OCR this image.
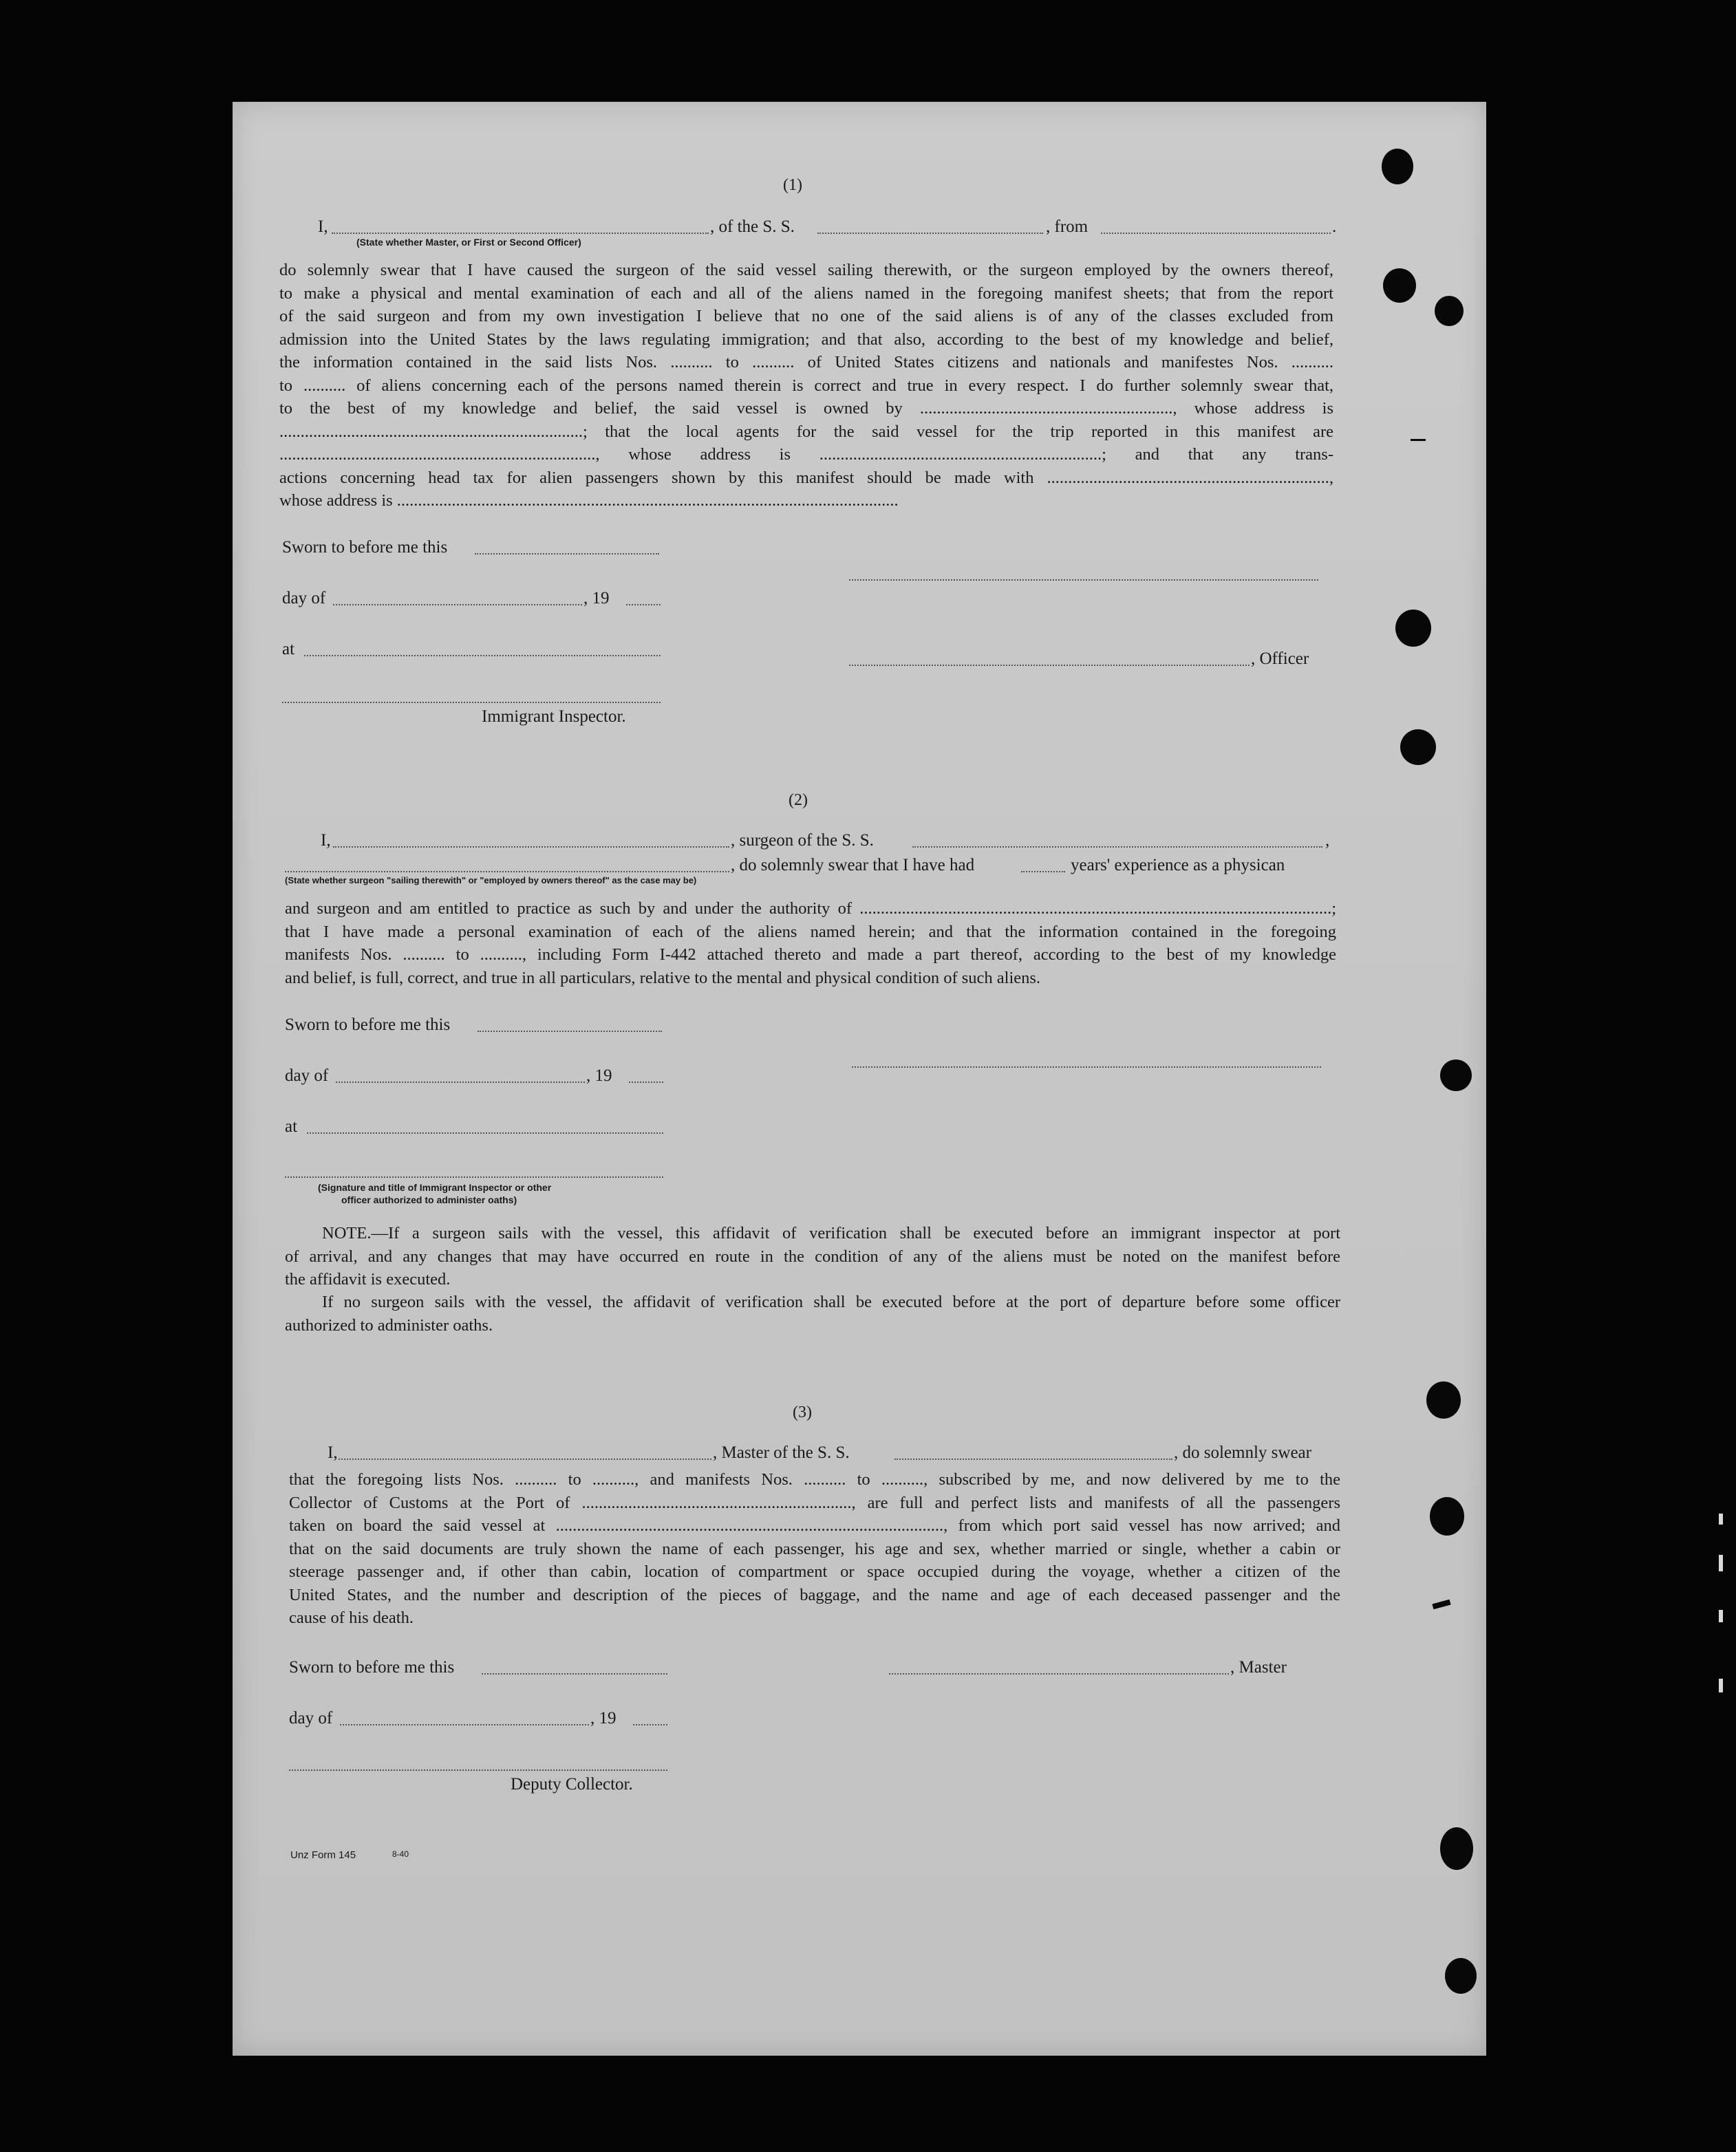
(1)
I,	, of the S. S.	, from	.
(State whether Master, or First or Second Officer)
do solemnly swear that I have caused the surgeon of the said vessel sailing therewith, or the surgeon employed by the owners thereof,
to make a physical and mental examination of each and all of the aliens named in the foregoing manifest sheets; that from the report
of the said surgeon and from my own investigation I believe that no one of the said aliens is of any of the classes excluded from
admission into the United States by the laws regulating immigration; and that also, according to the best of my knowledge and belief,
the information contained in the said lists Nos. .......... to .......... of United States citizens and nationals and manifestes Nos. ..........
to .......... of aliens concerning each of the persons named therein is correct and true in every respect. I do further solemnly swear that,
to the best of my knowledge and belief, the said vessel is owned by ............................................................, whose address is
........................................................................; that the local agents for the said vessel for the trip reported in this manifest are
..........................................................................., whose address is ...................................................................; and that any trans-
actions concerning head tax for alien passengers shown by this manifest should be made with ...................................................................,
whose address is .......................................................................................................................
Sworn to before me this
day of	, 19
at
, Officer
Immigrant Inspector.
(2)
I,	, surgeon of the S. S.	,
, do solemnly swear that I have had	years' experience as a physican
(State whether surgeon "sailing therewith" or "employed by owners thereof" as the case may be)
and surgeon and am entitled to practice as such by and under the authority of ................................................................................................................;
that I have made a personal examination of each of the aliens named herein; and that the information contained in the foregoing
manifests Nos. .......... to .........., including Form I-442 attached thereto and made a part thereof, according to the best of my knowledge
and belief, is full, correct, and true in all particulars, relative to the mental and physical condition of such aliens.
Sworn to before me this
day of	, 19
at
(Signature and title of Immigrant Inspector or other
officer authorized to administer oaths)
NOTE.—If a surgeon sails with the vessel, this affidavit of verification shall be executed before an immigrant inspector at port
of arrival, and any changes that may have occurred en route in the condition of any of the aliens must be noted on the manifest before
the affidavit is executed.
If no surgeon sails with the vessel, the affidavit of verification shall be executed before at the port of departure before some officer
authorized to administer oaths.
(3)
I,	, Master of the S. S.	, do solemnly swear
that the foregoing lists Nos. .......... to .........., and manifests Nos. .......... to .........., subscribed by me, and now delivered by me to the
Collector of Customs at the Port of ................................................................, are full and perfect lists and manifests of all the passengers
taken on board the said vessel at ............................................................................................, from which port said vessel has now arrived; and
that on the said documents are truly shown the name of each passenger, his age and sex, whether married or single, whether a cabin or
steerage passenger and, if other than cabin, location of compartment or space occupied during the voyage, whether a citizen of the
United States, and the number and description of the pieces of baggage, and the name and age of each deceased passenger and the
cause of his death.
Sworn to before me this	, Master
day of	, 19
Deputy Collector.
Unz Form 145	8-40
